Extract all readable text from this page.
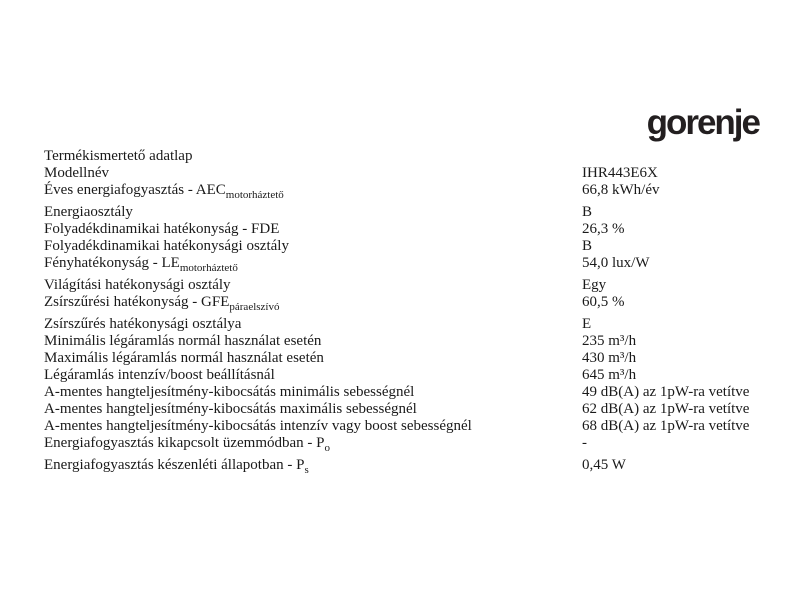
gorenje
Termékismertető adatlap
Modellnév	IHR443E6X
Éves energiafogyasztás - $AEC_{motorháztető}$	66,8 kWh/év
Energiaosztály	B
Folyadékdinamikai hatékonyság - FDE	26,3 %
Folyadékdinamikai hatékonysági osztály	B
Fényhatékonyság - $LE_{motorháztető}$	54,0 lux/W
Világítási hatékonysági osztály	Egy
Zsírszűrési hatékonyság - $GFE_{páraelszívó}$	60,5 %
Zsírszűrés hatékonysági osztálya	E
Minimális légáramlás normál használat esetén	235 m³/h
Maximális légáramlás normál használat esetén	430 m³/h
Légáramlás intenzív/boost beállításnál	645 m³/h
A-mentes hangteljesítmény-kibocsátás minimális sebességnél	49 dB(A) az 1pW-ra vetítve
A-mentes hangteljesítmény-kibocsátás maximális sebességnél	62 dB(A) az 1pW-ra vetítve
A-mentes hangteljesítmény-kibocsátás intenzív vagy boost sebességnél	68 dB(A) az 1pW-ra vetítve
Energiafogyasztás kikapcsolt üzemmódban - $P_o$	-
Energiafogyasztás készenléti állapotban - $P_s$	0,45 W
